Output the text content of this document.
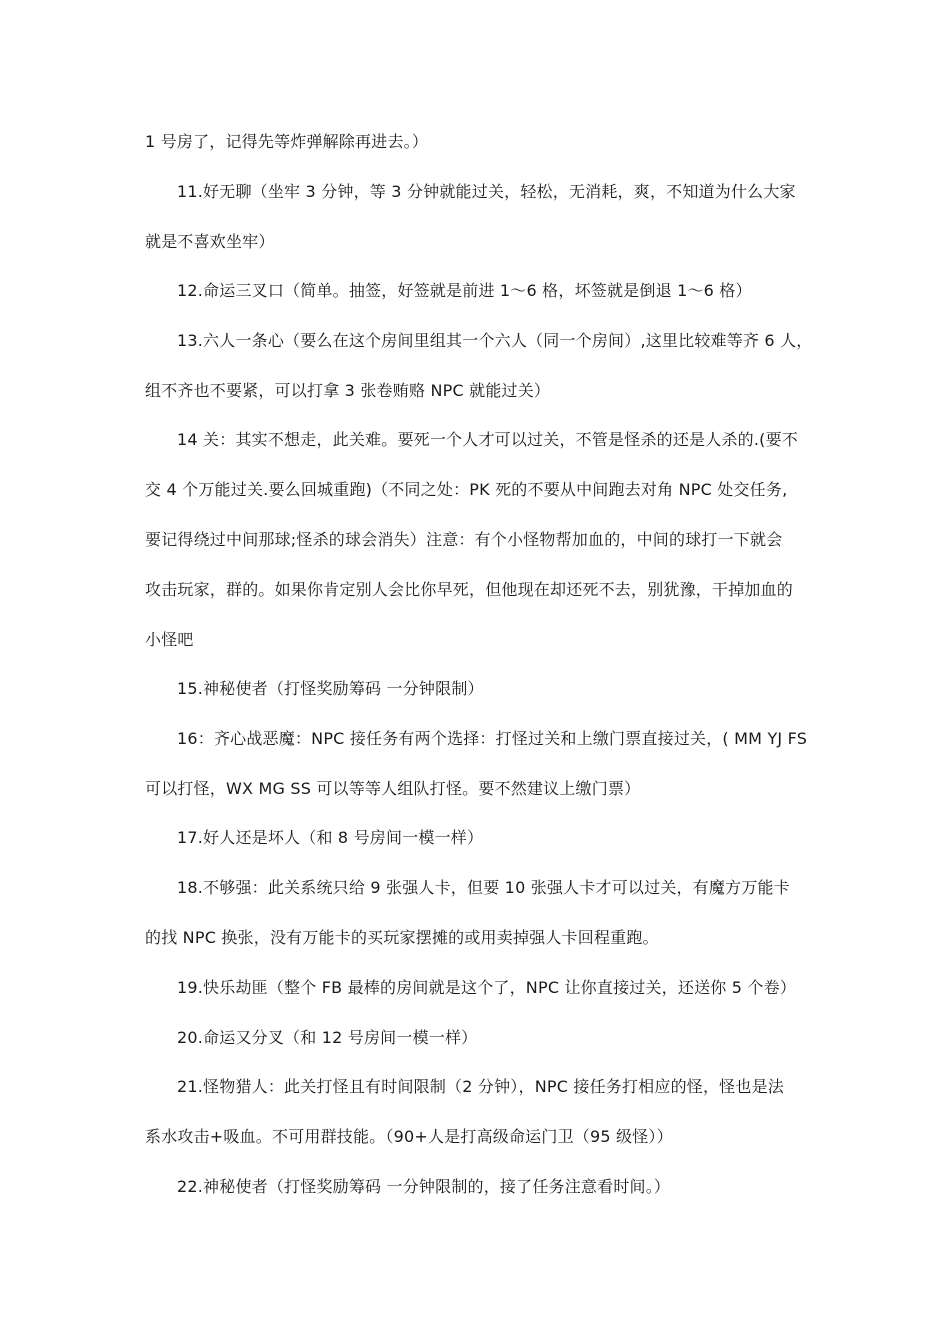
1 号房了，记得先等炸弹解除再进去。）
11.好无聊（坐牢 3 分钟，等 3 分钟就能过关，轻松，无消耗，爽，不知道为什么大家
就是不喜欢坐牢）
12.命运三叉口（简单。抽签，好签就是前进 1～6 格，坏签就是倒退 1～6 格）
13.六人一条心（要么在这个房间里组其一个六人（同一个房间）,这里比较难等齐 6 人，
组不齐也不要紧，可以打拿 3 张卷贿赂 NPC 就能过关）
14 关：其实不想走，此关难。要死一个人才可以过关，不管是怪杀的还是人杀的.(要不
交 4 个万能过关.要么回城重跑)（不同之处：PK 死的不要从中间跑去对角 NPC 处交任务,
要记得绕过中间那球;怪杀的球会消失）注意：有个小怪物帮加血的，中间的球打一下就会
攻击玩家，群的。如果你肯定别人会比你早死，但他现在却还死不去，别犹豫，干掉加血的
小怪吧
15.神秘使者（打怪奖励筹码 一分钟限制）
16：齐心战恶魔：NPC 接任务有两个选择：打怪过关和上缴门票直接过关，( MM YJ FS
可以打怪，WX MG SS 可以等等人组队打怪。要不然建议上缴门票）
17.好人还是坏人（和 8 号房间一模一样）
18.不够强：此关系统只给 9 张强人卡，但要 10 张强人卡才可以过关，有魔方万能卡
的找 NPC 换张，没有万能卡的买玩家摆摊的或用卖掉强人卡回程重跑。
19.快乐劫匪（整个 FB 最棒的房间就是这个了，NPC 让你直接过关，还送你 5 个卷）
20.命运又分叉（和 12 号房间一模一样）
21.怪物猎人：此关打怪且有时间限制（2 分钟），NPC 接任务打相应的怪，怪也是法
系水攻击+吸血。不可用群技能。（90+人是打高级命运门卫（95 级怪））
22.神秘使者（打怪奖励筹码 一分钟限制的，接了任务注意看时间。）
